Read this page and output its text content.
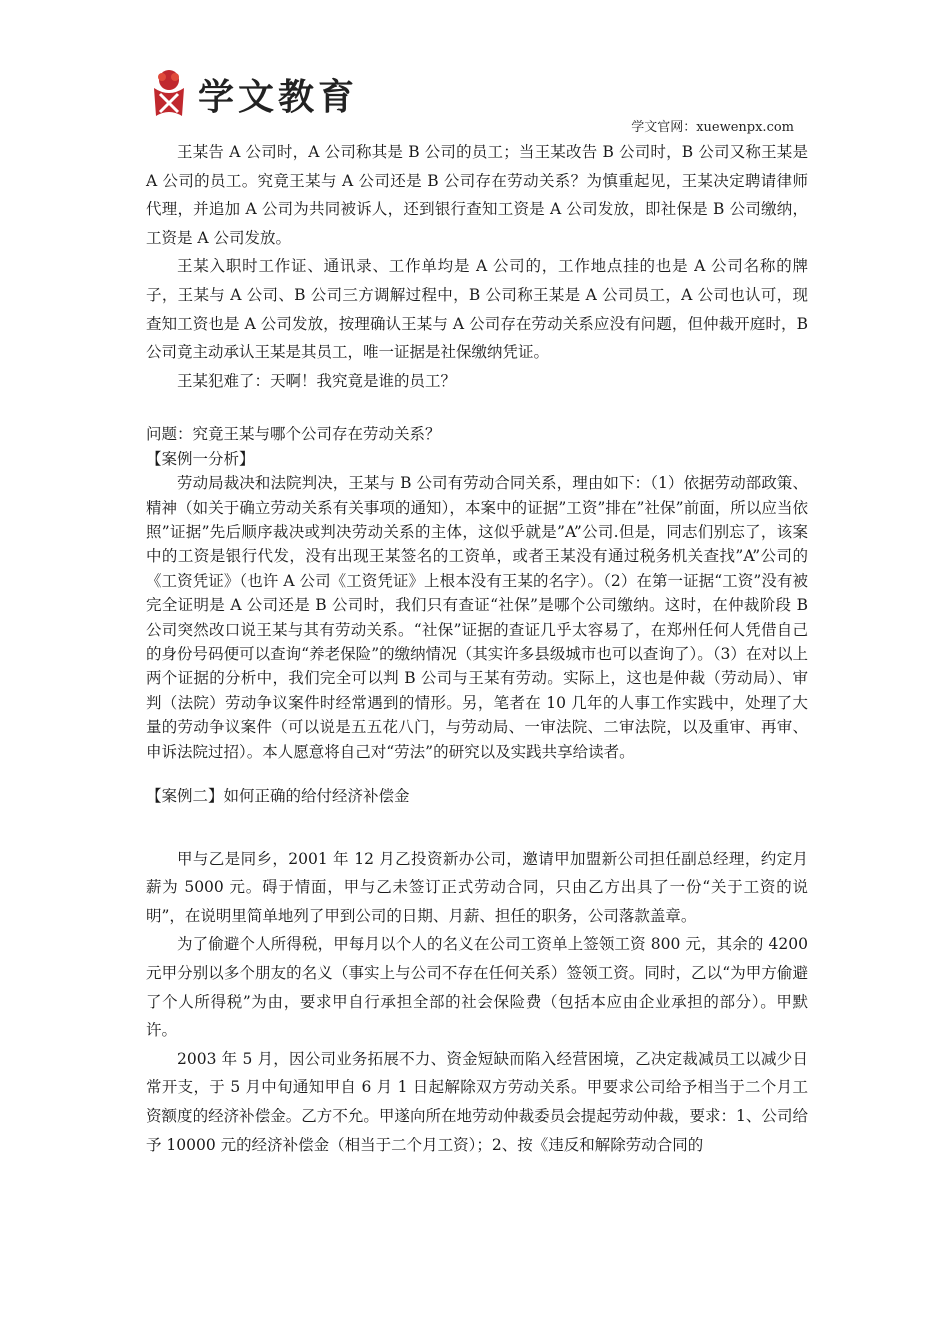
学文教育
学文官网：xuewenpx.com

王某告 A 公司时，A 公司称其是 B 公司的员工；当王某改告 B 公司时，B 公司又称王某是 A 公司的员工。究竟王某与 A 公司还是 B 公司存在劳动关系？为慎重起见，王某决定聘请律师代理，并追加 A 公司为共同被诉人，还到银行查知工资是 A 公司发放，即社保是 B 公司缴纳，工资是 A 公司发放。

王某入职时工作证、通讯录、工作单均是 A 公司的，工作地点挂的也是 A 公司名称的牌子，王某与 A 公司、B 公司三方调解过程中，B 公司称王某是 A 公司员工，A 公司也认可，现查知工资也是 A 公司发放，按理确认王某与 A 公司存在劳动关系应没有问题，但仲裁开庭时，B 公司竟主动承认王某是其员工，唯一证据是社保缴纳凭证。

王某犯难了：天啊！我究竟是谁的员工？

问题：究竟王某与哪个公司存在劳动关系？

【案例一分析】

劳动局裁决和法院判决，王某与 B 公司有劳动合同关系，理由如下：（1）依据劳动部政策、精神（如关于确立劳动关系有关事项的通知），本案中的证据”工资”排在”社保”前面，所以应当依照”证据”先后顺序裁决或判决劳动关系的主体，这似乎就是”A”公司.但是，同志们别忘了，该案中的工资是银行代发，没有出现王某签名的工资单，或者王某没有通过税务机关查找”A”公司的《工资凭证》（也许 A 公司《工资凭证》上根本没有王某的名字）。（2）在第一证据“工资”没有被完全证明是 A 公司还是 B 公司时，我们只有查证“社保”是哪个公司缴纳。这时，在仲裁阶段 B 公司突然改口说王某与其有劳动关系。“社保”证据的查证几乎太容易了，在郑州任何人凭借自己的身份号码便可以查询“养老保险”的缴纳情况（其实许多县级城市也可以查询了）。（3）在对以上两个证据的分析中，我们完全可以判 B 公司与王某有劳动。实际上，这也是仲裁（劳动局）、审判（法院）劳动争议案件时经常遇到的情形。另，笔者在 10 几年的人事工作实践中，处理了大量的劳动争议案件（可以说是五五花八门，与劳动局、一审法院、二审法院，以及重审、再审、申诉法院过招）。本人愿意将自己对“劳法”的研究以及实践共享给读者。

【案例二】如何正确的给付经济补偿金

甲与乙是同乡，2001 年 12 月乙投资新办公司，邀请甲加盟新公司担任副总经理，约定月薪为 5000 元。碍于情面，甲与乙未签订正式劳动合同，只由乙方出具了一份“关于工资的说明”，在说明里简单地列了甲到公司的日期、月薪、担任的职务，公司落款盖章。

为了偷避个人所得税，甲每月以个人的名义在公司工资单上签领工资 800 元，其余的 4200 元甲分别以多个朋友的名义（事实上与公司不存在任何关系）签领工资。同时，乙以“为甲方偷避了个人所得税”为由，要求甲自行承担全部的社会保险费（包括本应由企业承担的部分）。甲默许。

2003 年 5 月，因公司业务拓展不力、资金短缺而陷入经营困境，乙决定裁减员工以减少日常开支，于 5 月中旬通知甲自 6 月 1 日起解除双方劳动关系。甲要求公司给予相当于二个月工资额度的经济补偿金。乙方不允。甲遂向所在地劳动仲裁委员会提起劳动仲裁，要求：1、公司给予 10000 元的经济补偿金（相当于二个月工资）；2、按《违反和解除劳动合同的
